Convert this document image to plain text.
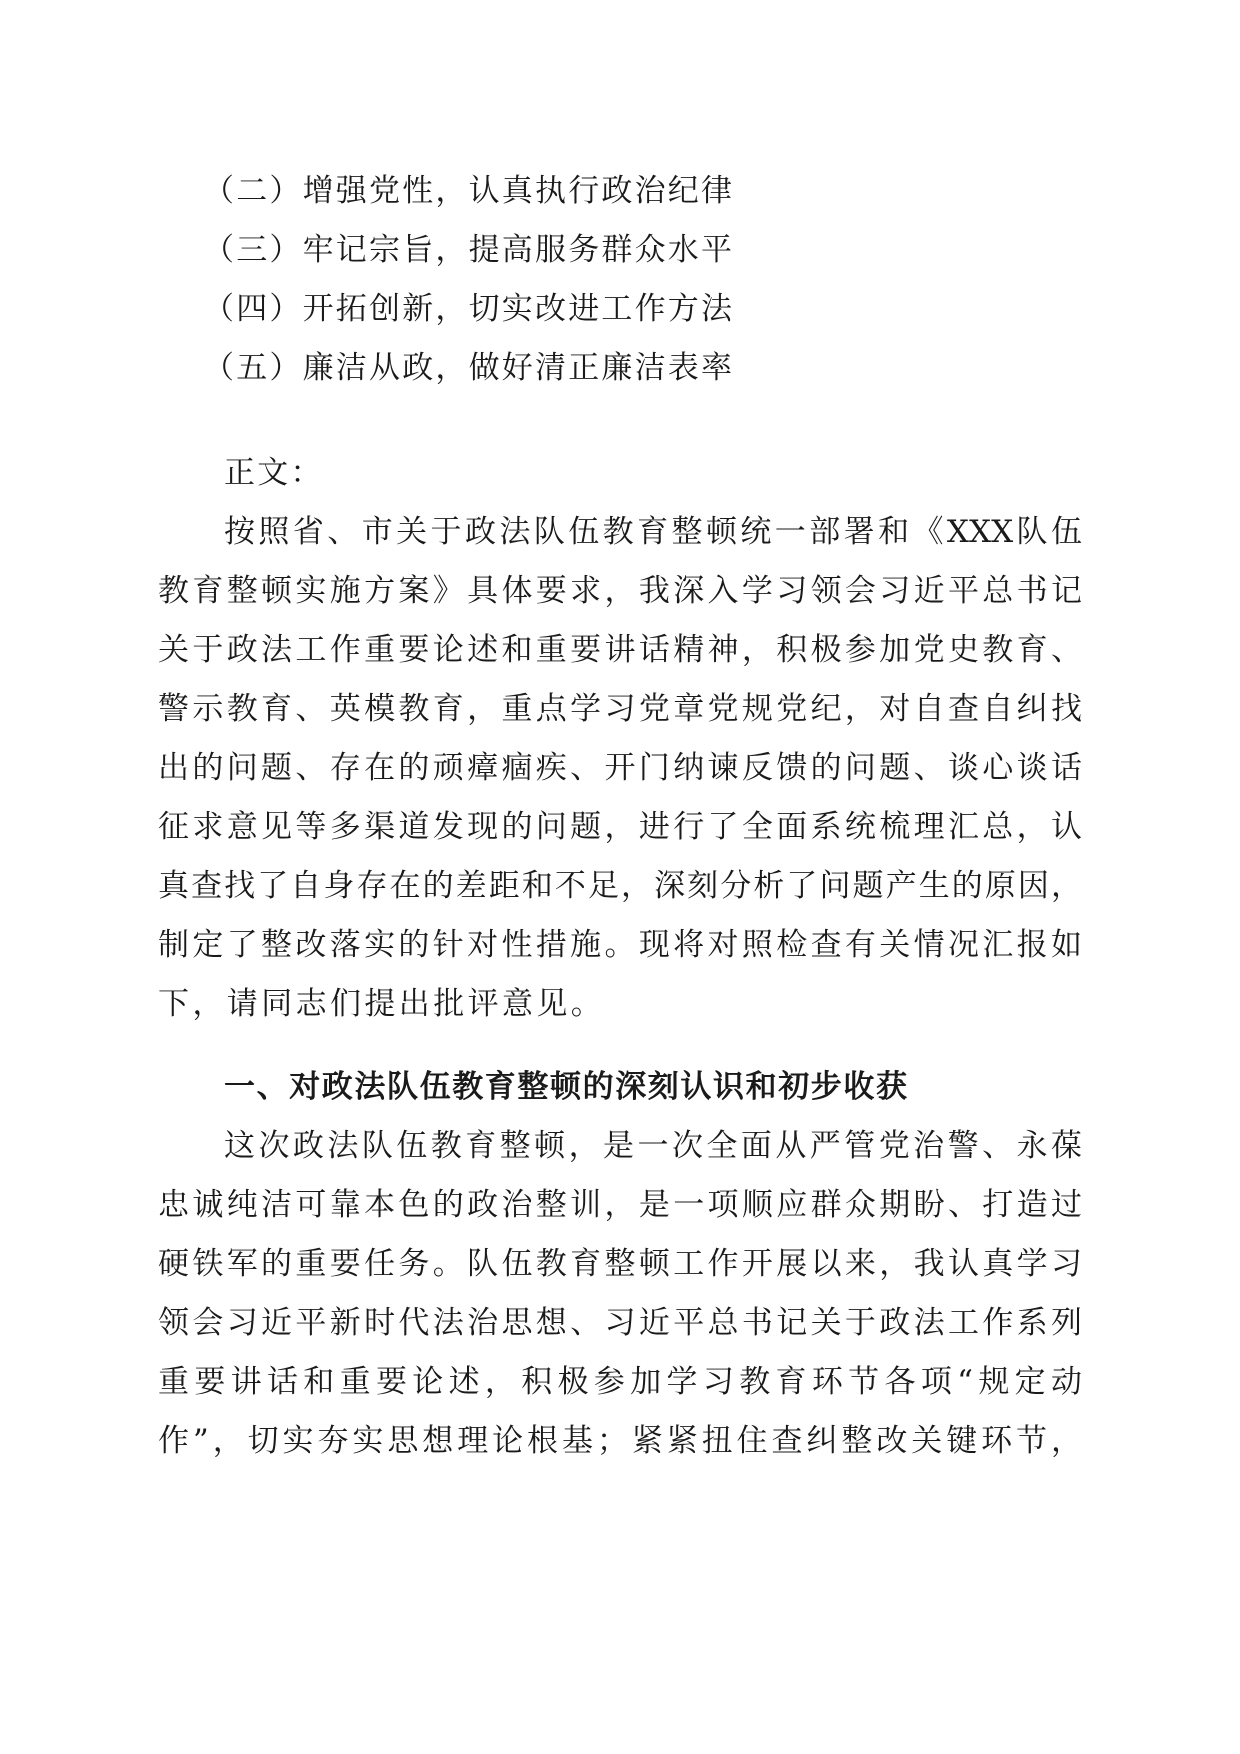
（二）增强党性，认真执行政治纪律
（三）牢记宗旨，提高服务群众水平
（四）开拓创新，切实改进工作方法
（五）廉洁从政，做好清正廉洁表率
正文：
按照省、市关于政法队伍教育整顿统一部署和《XXX队伍
教育整顿实施方案》具体要求，我深入学习领会习近平总书记
关于政法工作重要论述和重要讲话精神，积极参加党史教育、
警示教育、英模教育，重点学习党章党规党纪，对自查自纠找
出的问题、存在的顽瘴痼疾、开门纳谏反馈的问题、谈心谈话
征求意见等多渠道发现的问题，进行了全面系统梳理汇总，认
真查找了自身存在的差距和不足，深刻分析了问题产生的原因，
制定了整改落实的针对性措施。现将对照检查有关情况汇报如
下，请同志们提出批评意见。
一、对政法队伍教育整顿的深刻认识和初步收获
这次政法队伍教育整顿，是一次全面从严管党治警、永葆
忠诚纯洁可靠本色的政治整训，是一项顺应群众期盼、打造过
硬铁军的重要任务。队伍教育整顿工作开展以来，我认真学习
领会习近平新时代法治思想、习近平总书记关于政法工作系列
重要讲话和重要论述，积极参加学习教育环节各项“规定动
作”，切实夯实思想理论根基；紧紧扭住查纠整改关键环节，
